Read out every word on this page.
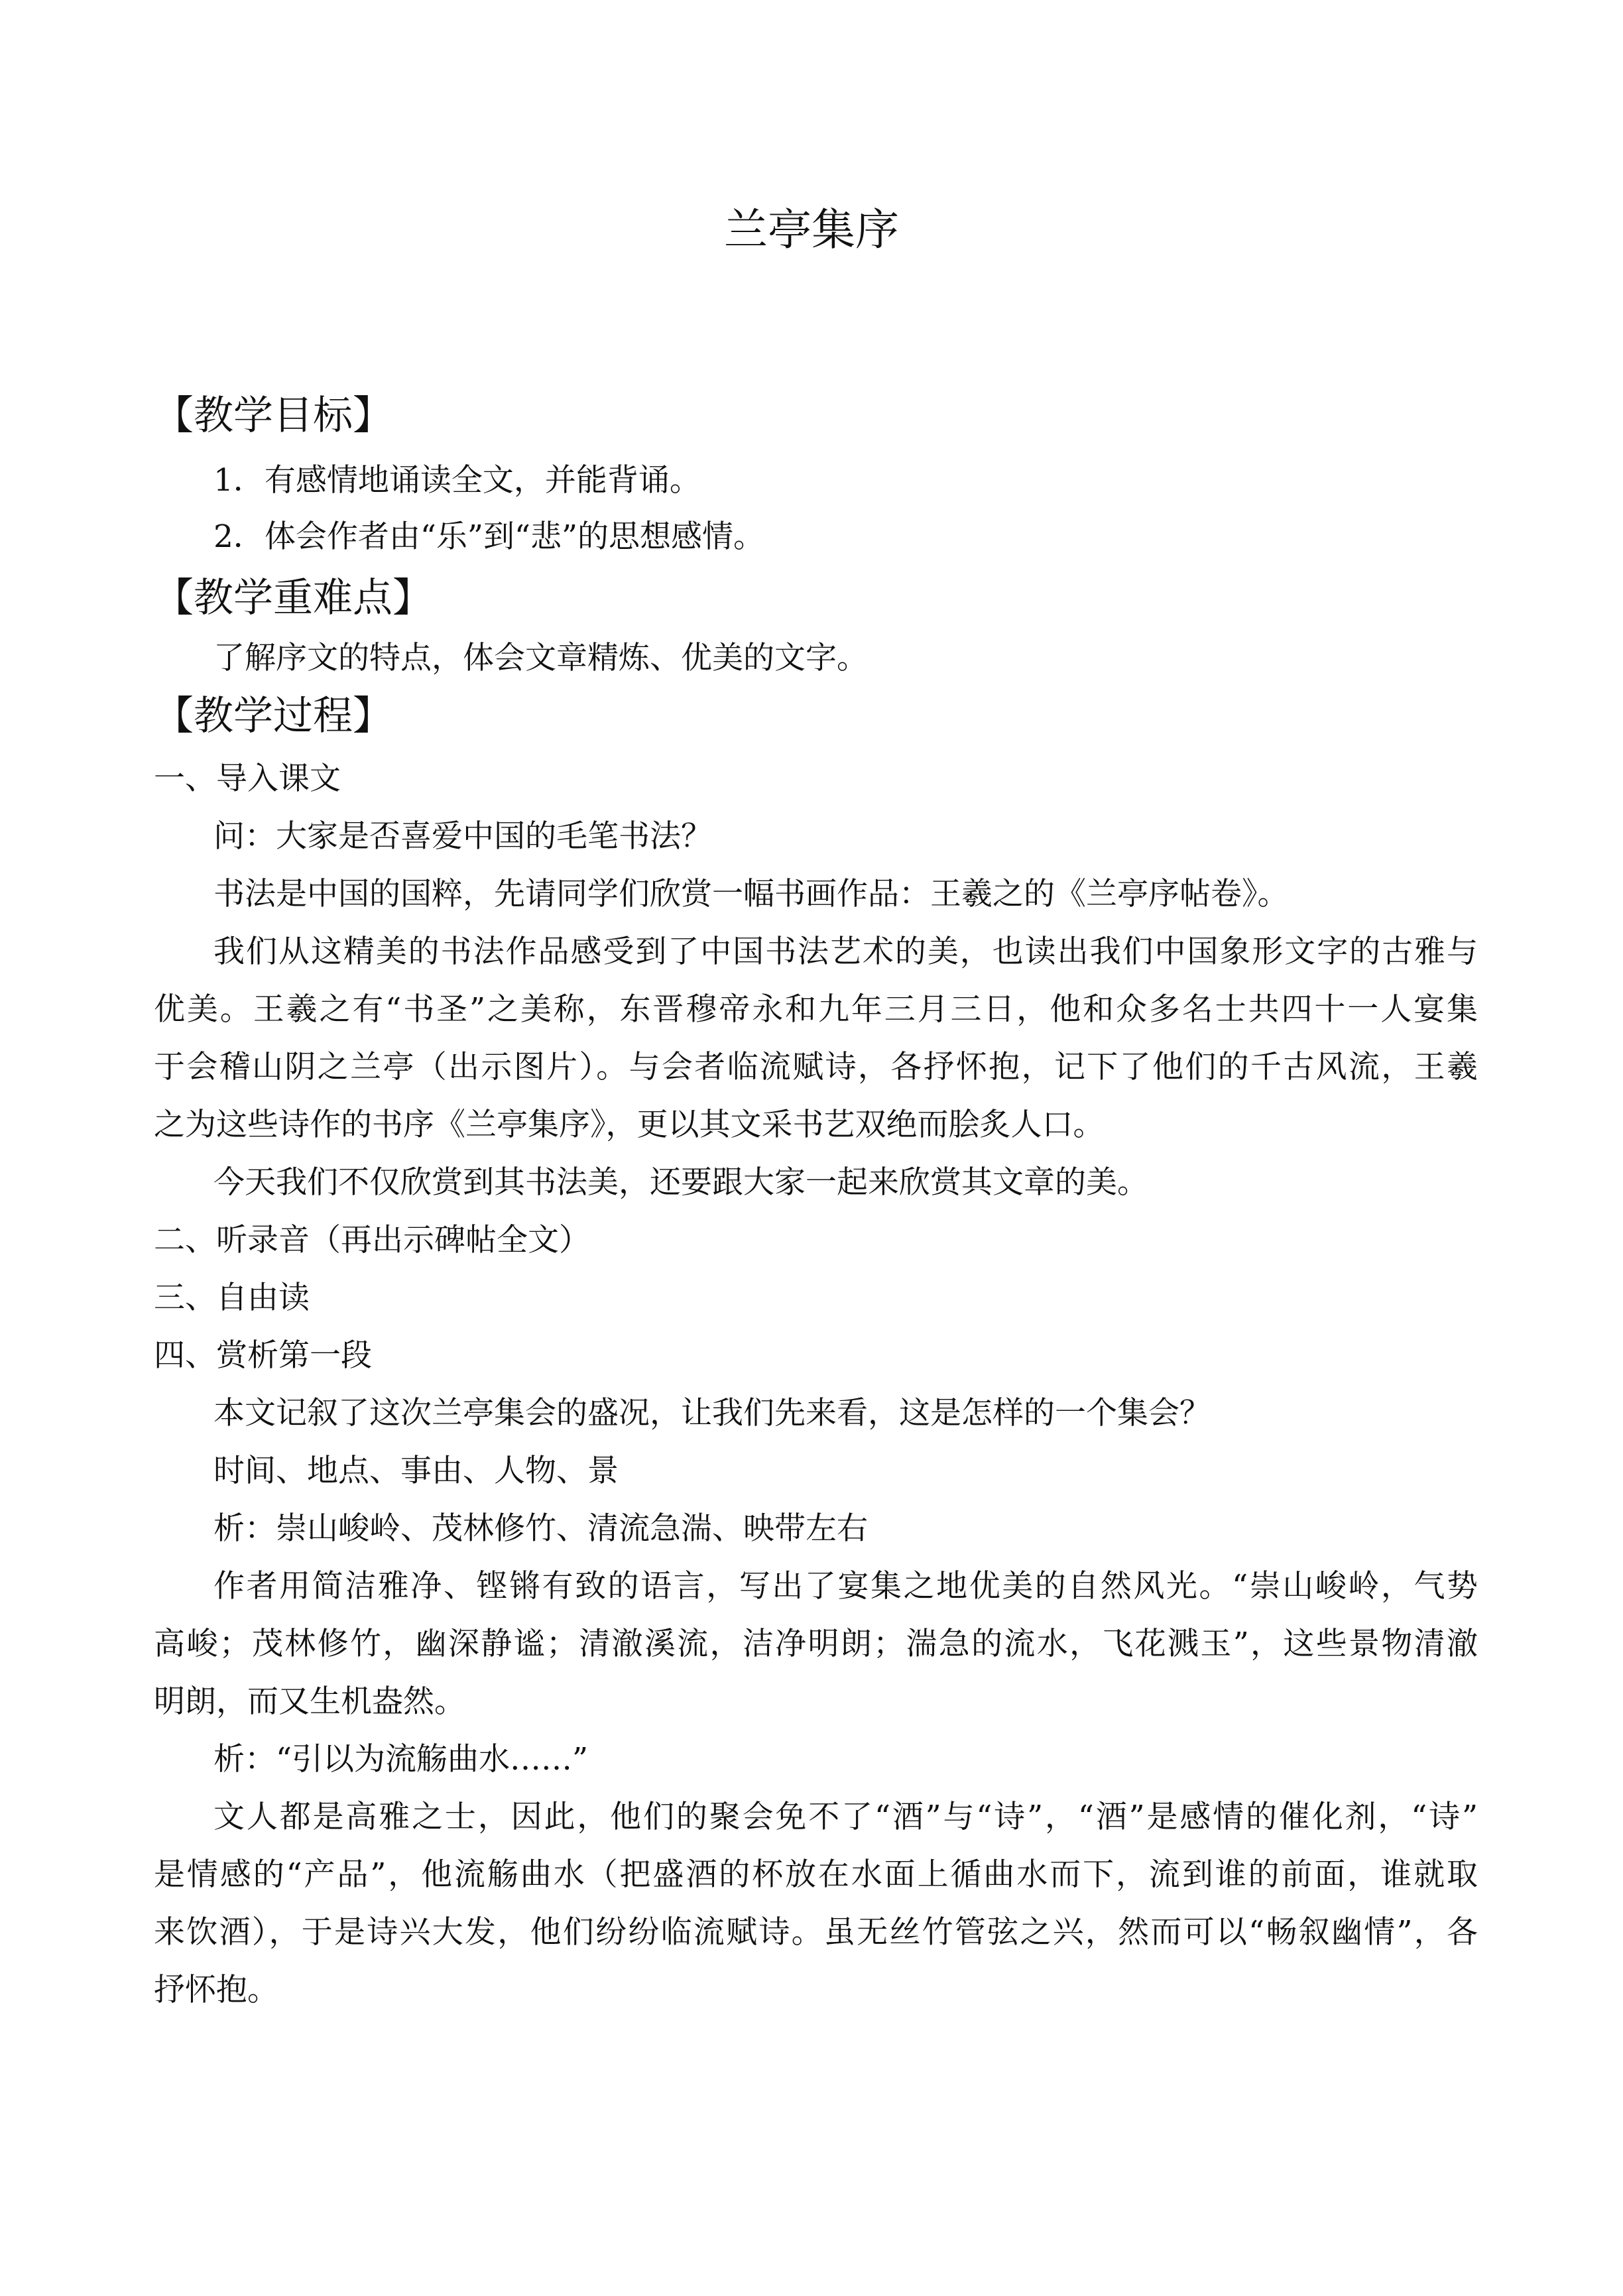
兰亭集序
【教学目标】
1．有感情地诵读全文，并能背诵。
2．体会作者由“乐”到“悲”的思想感情。
【教学重难点】
了解序文的特点，体会文章精炼、优美的文字。
【教学过程】
一、导入课文
问：大家是否喜爱中国的毛笔书法？
书法是中国的国粹，先请同学们欣赏一幅书画作品：王羲之的《兰亭序帖卷》。
我们从这精美的书法作品感受到了中国书法艺术的美，也读出我们中国象形文字的古雅与
优美。王羲之有“书圣”之美称，东晋穆帝永和九年三月三日，他和众多名士共四十一人宴集
于会稽山阴之兰亭（出示图片）。与会者临流赋诗，各抒怀抱，记下了他们的千古风流，王羲
之为这些诗作的书序《兰亭集序》，更以其文采书艺双绝而脍炙人口。
今天我们不仅欣赏到其书法美，还要跟大家一起来欣赏其文章的美。
二、听录音（再出示碑帖全文）
三、自由读
四、赏析第一段
本文记叙了这次兰亭集会的盛况，让我们先来看，这是怎样的一个集会？
时间、地点、事由、人物、景
析：崇山峻岭、茂林修竹、清流急湍、映带左右
作者用简洁雅净、铿锵有致的语言，写出了宴集之地优美的自然风光。“崇山峻岭，气势
高峻；茂林修竹，幽深静谧；清澈溪流，洁净明朗；湍急的流水，飞花溅玉”，这些景物清澈
明朗，而又生机盎然。
析：“引以为流觞曲水……”
文人都是高雅之士，因此，他们的聚会免不了“酒”与“诗”，“酒”是感情的催化剂，“诗”
是情感的“产品”，他流觞曲水（把盛酒的杯放在水面上循曲水而下，流到谁的前面，谁就取
来饮酒），于是诗兴大发，他们纷纷临流赋诗。虽无丝竹管弦之兴，然而可以“畅叙幽情”，各
抒怀抱。
